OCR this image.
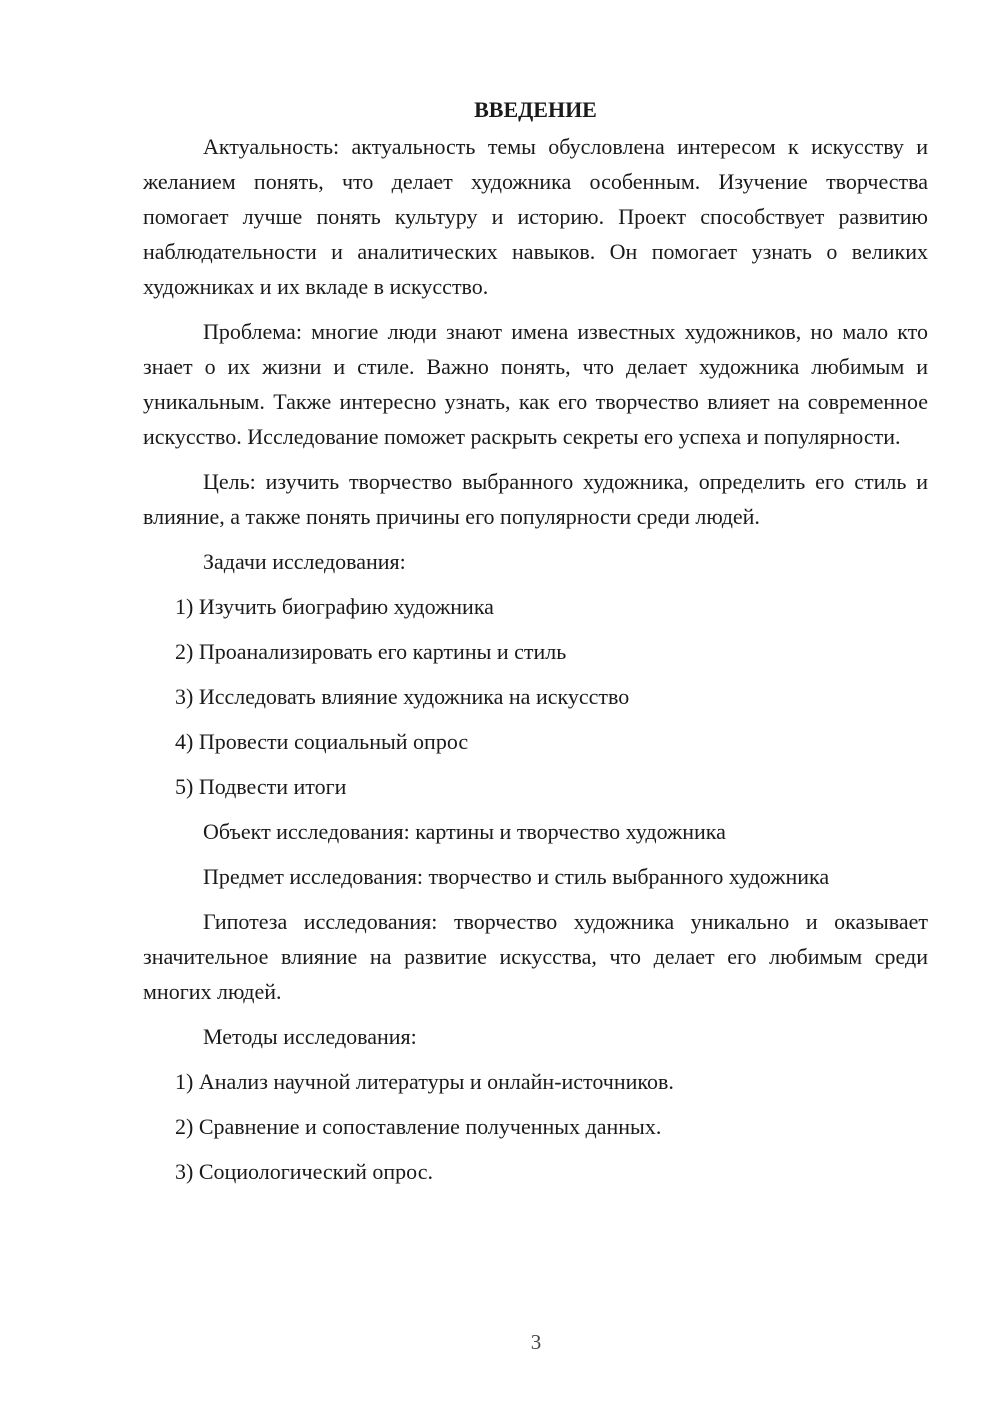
ВВЕДЕНИЕ

Актуальность: актуальность темы обусловлена интересом к искусству и желанием понять, что делает художника особенным. Изучение творчества помогает лучше понять культуру и историю. Проект способствует развитию наблюдательности и аналитических навыков. Он помогает узнать о великих художниках и их вкладе в искусство.

Проблема: многие люди знают имена известных художников, но мало кто знает о их жизни и стиле. Важно понять, что делает художника любимым и уникальным. Также интересно узнать, как его творчество влияет на современное искусство. Исследование поможет раскрыть секреты его успеха и популярности.

Цель: изучить творчество выбранного художника, определить его стиль и влияние, а также понять причины его популярности среди людей.

Задачи исследования:
1) Изучить биографию художника
2) Проанализировать его картины и стиль
3) Исследовать влияние художника на искусство
4) Провести социальный опрос
5) Подвести итоги
Объект исследования: картины и творчество художника
Предмет исследования: творчество и стиль выбранного художника

Гипотеза исследования: творчество художника уникально и оказывает значительное влияние на развитие искусства, что делает его любимым среди многих людей.

Методы исследования:
1) Анализ научной литературы и онлайн-источников.
2) Сравнение и сопоставление полученных данных.
3) Социологический опрос.
3
